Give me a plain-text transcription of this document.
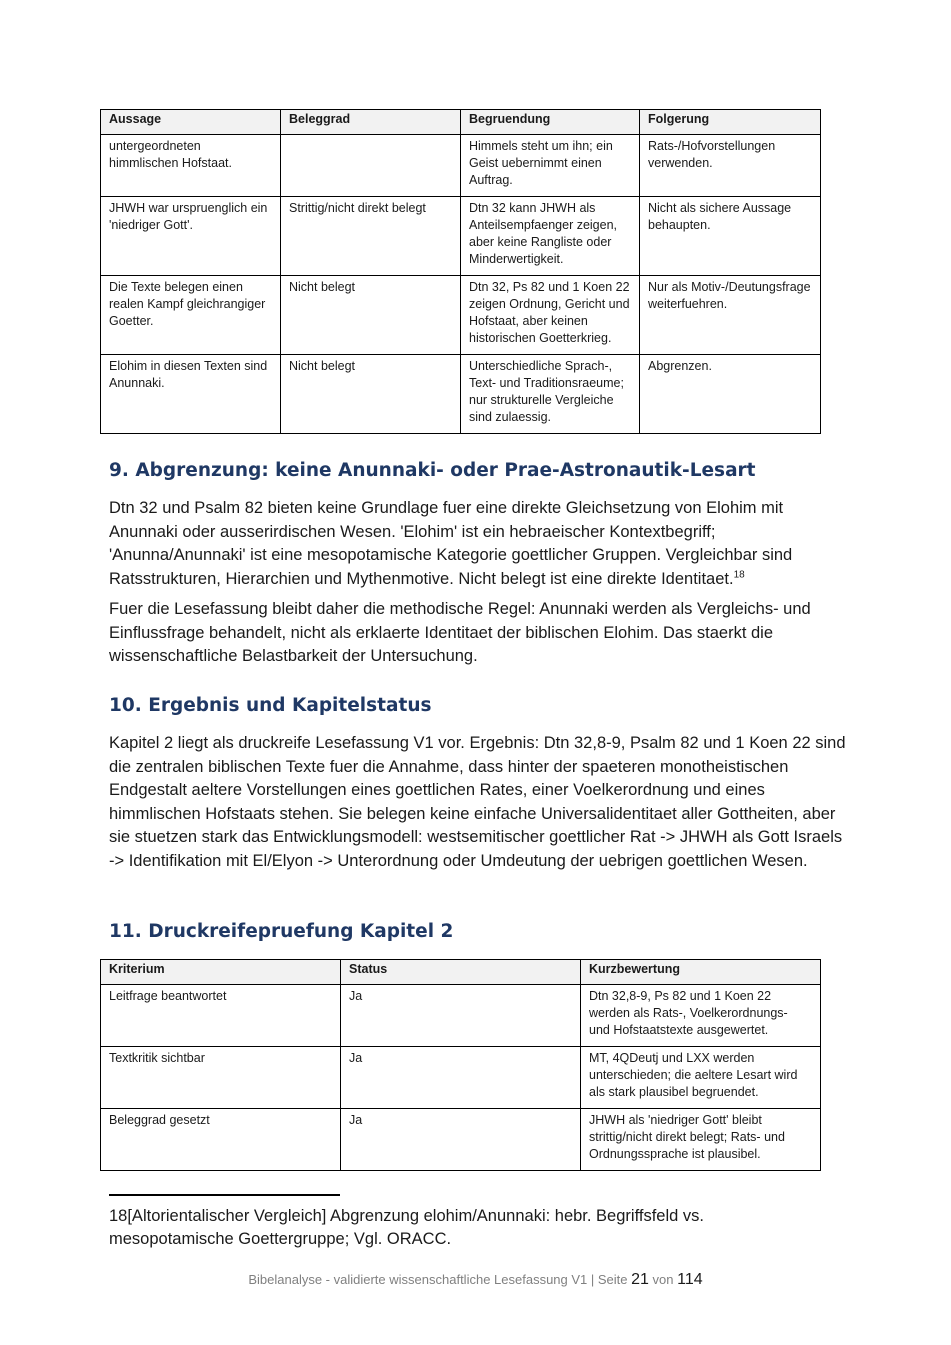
Aussage	Beleggrad	Begruendung	Folgerung
untergeordneten himmlischen Hofstaat.		Himmels steht um ihn; ein Geist uebernimmt einen Auftrag.	Rats-/Hofvorstellungen verwenden.
JHWH war urspruenglich ein 'niedriger Gott'.	Strittig/nicht direkt belegt	Dtn 32 kann JHWH als Anteilsempfaenger zeigen, aber keine Rangliste oder Minderwertigkeit.	Nicht als sichere Aussage behaupten.
Die Texte belegen einen realen Kampf gleichrangiger Goetter.	Nicht belegt	Dtn 32, Ps 82 und 1 Koen 22 zeigen Ordnung, Gericht und Hofstaat, aber keinen historischen Goetterkrieg.	Nur als Motiv-/Deutungsfrage weiterfuehren.
Elohim in diesen Texten sind Anunnaki.	Nicht belegt	Unterschiedliche Sprach-, Text- und Traditionsraeume; nur strukturelle Vergleiche sind zulaessig.	Abgrenzen.
9. Abgrenzung: keine Anunnaki- oder Prae-Astronautik-Lesart

Dtn 32 und Psalm 82 bieten keine Grundlage fuer eine direkte Gleichsetzung von Elohim mit Anunnaki oder ausserirdischen Wesen. 'Elohim' ist ein hebraeischer Kontextbegriff; 'Anunna/Anunnaki' ist eine mesopotamische Kategorie goettlicher Gruppen. Vergleichbar sind Ratsstrukturen, Hierarchien und Mythenmotive. Nicht belegt ist eine direkte Identitaet.$^{18}$

Fuer die Lesefassung bleibt daher die methodische Regel: Anunnaki werden als Vergleichs- und Einflussfrage behandelt, nicht als erklaerte Identitaet der biblischen Elohim. Das staerkt die wissenschaftliche Belastbarkeit der Untersuchung.

10. Ergebnis und Kapitelstatus

Kapitel 2 liegt als druckreife Lesefassung V1 vor. Ergebnis: Dtn 32,8-9, Psalm 82 und 1 Koen 22 sind die zentralen biblischen Texte fuer die Annahme, dass hinter der spaeteren monotheistischen Endgestalt aeltere Vorstellungen eines goettlichen Rates, einer Voelkerordnung und eines himmlischen Hofstaats stehen. Sie belegen keine einfache Universalidentitaet aller Gottheiten, aber sie stuetzen stark das Entwicklungsmodell: westsemitischer goettlicher Rat -> JHWH als Gott Israels -> Identifikation mit El/Elyon -> Unterordnung oder Umdeutung der uebrigen goettlichen Wesen.

11. Druckreifepruefung Kapitel 2
Kriterium	Status	Kurzbewertung
Leitfrage beantwortet	Ja	Dtn 32,8-9, Ps 82 und 1 Koen 22 werden als Rats-, Voelkerordnungs- und Hofstaatstexte ausgewertet.
Textkritik sichtbar	Ja	MT, 4QDeutj und LXX werden unterschieden; die aeltere Lesart wird als stark plausibel begruendet.
Beleggrad gesetzt	Ja	JHWH als 'niedriger Gott' bleibt strittig/nicht direkt belegt; Rats- und Ordnungssprache ist plausibel.

18[Altorientalischer Vergleich] Abgrenzung elohim/Anunnaki: hebr. Begriffsfeld vs. mesopotamische Goettergruppe; Vgl. ORACC.

Bibelanalyse - validierte wissenschaftliche Lesefassung V1 | Seite 21 von 114
